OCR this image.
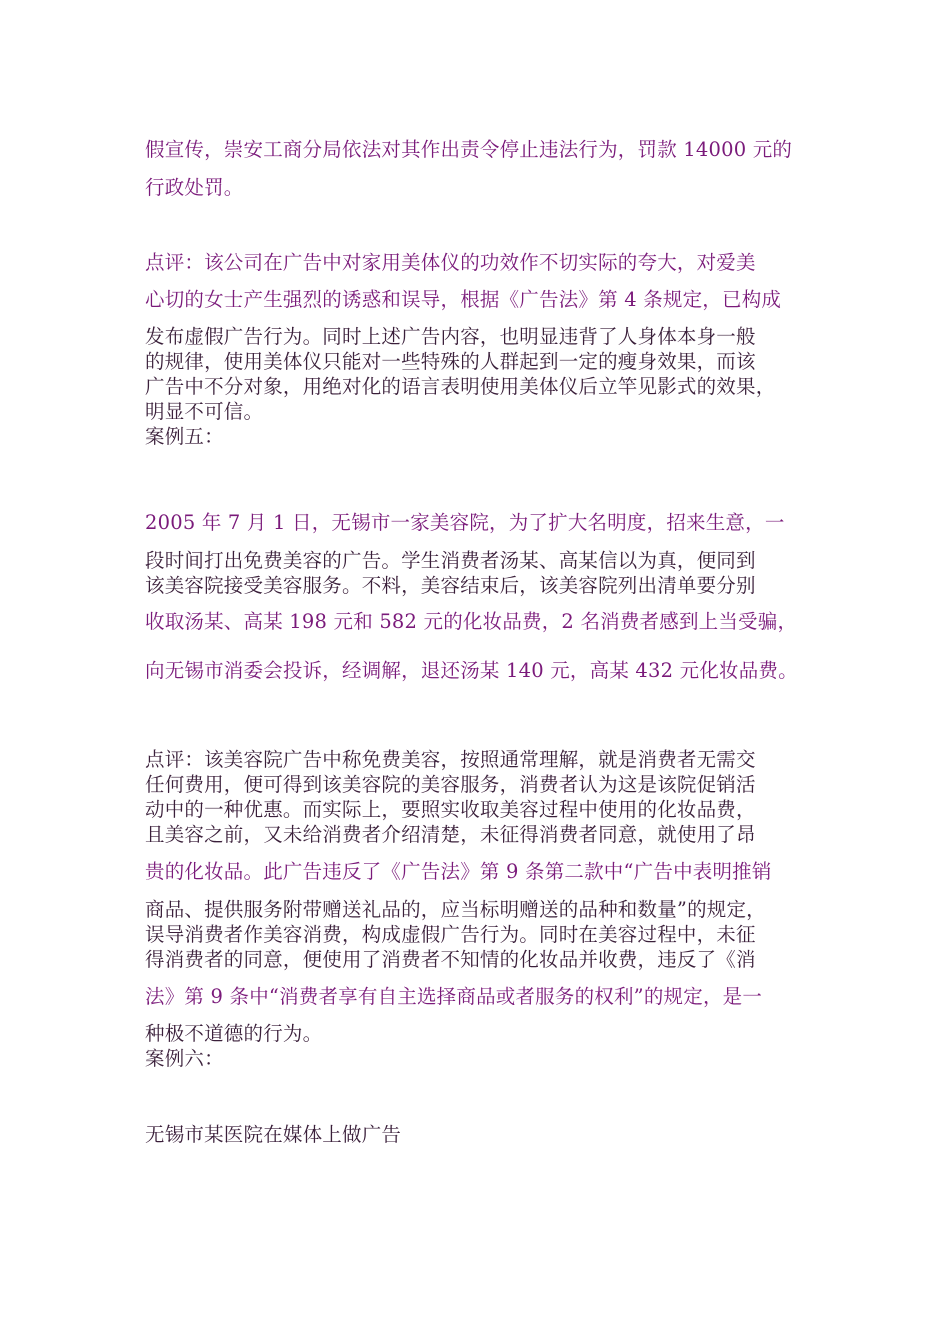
假宣传，崇安工商分局依法对其作出责令停止违法行为，罚款 14000 元的
行政处罚。
点评：该公司在广告中对家用美体仪的功效作不切实际的夸大，对爱美
心切的女士产生强烈的诱惑和误导，根据《广告法》第 4 条规定，已构成
发布虚假广告行为。同时上述广告内容，也明显违背了人身体本身一般
的规律，使用美体仪只能对一些特殊的人群起到一定的瘦身效果，而该
广告中不分对象，用绝对化的语言表明使用美体仪后立竿见影式的效果，
明显不可信。
案例五：
2005 年 7 月 1 日，无锡市一家美容院，为了扩大名明度，招来生意，一
段时间打出免费美容的广告。学生消费者汤某、高某信以为真，便同到
该美容院接受美容服务。不料，美容结束后，该美容院列出清单要分别
收取汤某、高某 198 元和 582 元的化妆品费，2 名消费者感到上当受骗，
向无锡市消委会投诉，经调解，退还汤某 140 元，高某 432 元化妆品费。
点评：该美容院广告中称免费美容，按照通常理解，就是消费者无需交
任何费用，便可得到该美容院的美容服务，消费者认为这是该院促销活
动中的一种优惠。而实际上，要照实收取美容过程中使用的化妆品费，
且美容之前，又未给消费者介绍清楚，未征得消费者同意，就使用了昂
贵的化妆品。此广告违反了《广告法》第 9 条第二款中“广告中表明推销
商品、提供服务附带赠送礼品的，应当标明赠送的品种和数量”的规定，
误导消费者作美容消费，构成虚假广告行为。同时在美容过程中，未征
得消费者的同意，便使用了消费者不知情的化妆品并收费，违反了《消
法》第 9 条中“消费者享有自主选择商品或者服务的权利”的规定，是一
种极不道德的行为。
案例六：
无锡市某医院在媒体上做广告
